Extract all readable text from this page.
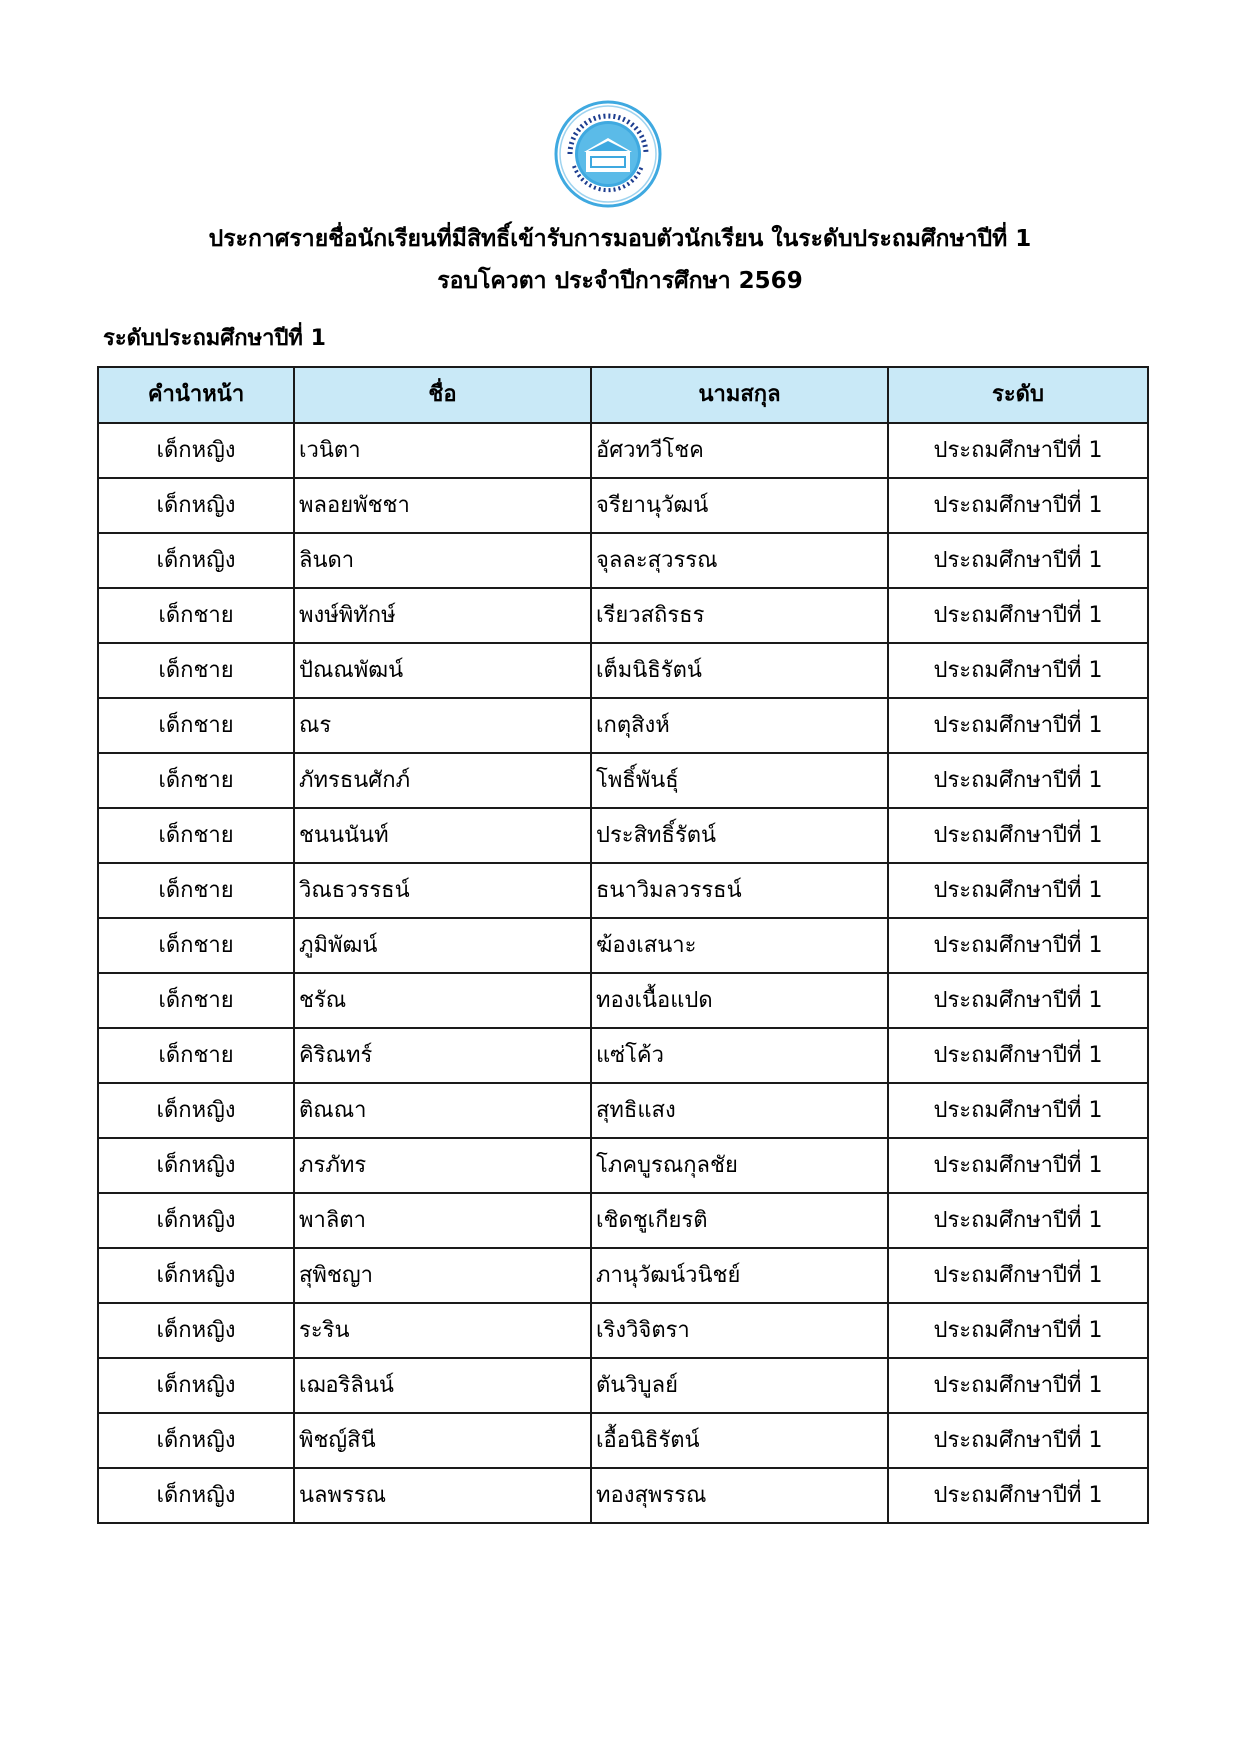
ประกาศรายชื่อนักเรียนที่มีสิทธิ์เข้ารับการมอบตัวนักเรียน ในระดับประถมศึกษาปีที่ 1
รอบโควตา ประจำปีการศึกษา 2569
ระดับประถมศึกษาปีที่ 1
คำนำหน้า	ชื่อ	นามสกุล	ระดับ
เด็กหญิง	เวนิตา	อัศวทวีโชค	ประถมศึกษาปีที่ 1
เด็กหญิง	พลอยพัชชา	จรียานุวัฒน์	ประถมศึกษาปีที่ 1
เด็กหญิง	ลินดา	จุลละสุวรรณ	ประถมศึกษาปีที่ 1
เด็กชาย	พงษ์พิทักษ์	เรียวสถิรธร	ประถมศึกษาปีที่ 1
เด็กชาย	ปัณณพัฒน์	เต็มนิธิรัตน์	ประถมศึกษาปีที่ 1
เด็กชาย	ณร	เกตุสิงห์	ประถมศึกษาปีที่ 1
เด็กชาย	ภัทรธนศักภ์	โพธิ์พันธุ์	ประถมศึกษาปีที่ 1
เด็กชาย	ชนนนันท์	ประสิทธิ์รัตน์	ประถมศึกษาปีที่ 1
เด็กชาย	วิณธวรรธน์	ธนาวิมลวรรธน์	ประถมศึกษาปีที่ 1
เด็กชาย	ภูมิพัฒน์	ฆ้องเสนาะ	ประถมศึกษาปีที่ 1
เด็กชาย	ชรัณ	ทองเนื้อแปด	ประถมศึกษาปีที่ 1
เด็กชาย	คิริณทร์	แซ่โค้ว	ประถมศึกษาปีที่ 1
เด็กหญิง	ติณณา	สุทธิแสง	ประถมศึกษาปีที่ 1
เด็กหญิง	ภรภัทร	โภคบูรณกุลชัย	ประถมศึกษาปีที่ 1
เด็กหญิง	พาลิตา	เชิดชูเกียรติ	ประถมศึกษาปีที่ 1
เด็กหญิง	สุพิชญา	ภานุวัฒน์วนิชย์	ประถมศึกษาปีที่ 1
เด็กหญิง	ระริน	เริงวิจิตรา	ประถมศึกษาปีที่ 1
เด็กหญิง	เฌอริลินน์	ตันวิบูลย์	ประถมศึกษาปีที่ 1
เด็กหญิง	พิชญ์สินี	เอื้อนิธิรัตน์	ประถมศึกษาปีที่ 1
เด็กหญิง	นลพรรณ	ทองสุพรรณ	ประถมศึกษาปีที่ 1
